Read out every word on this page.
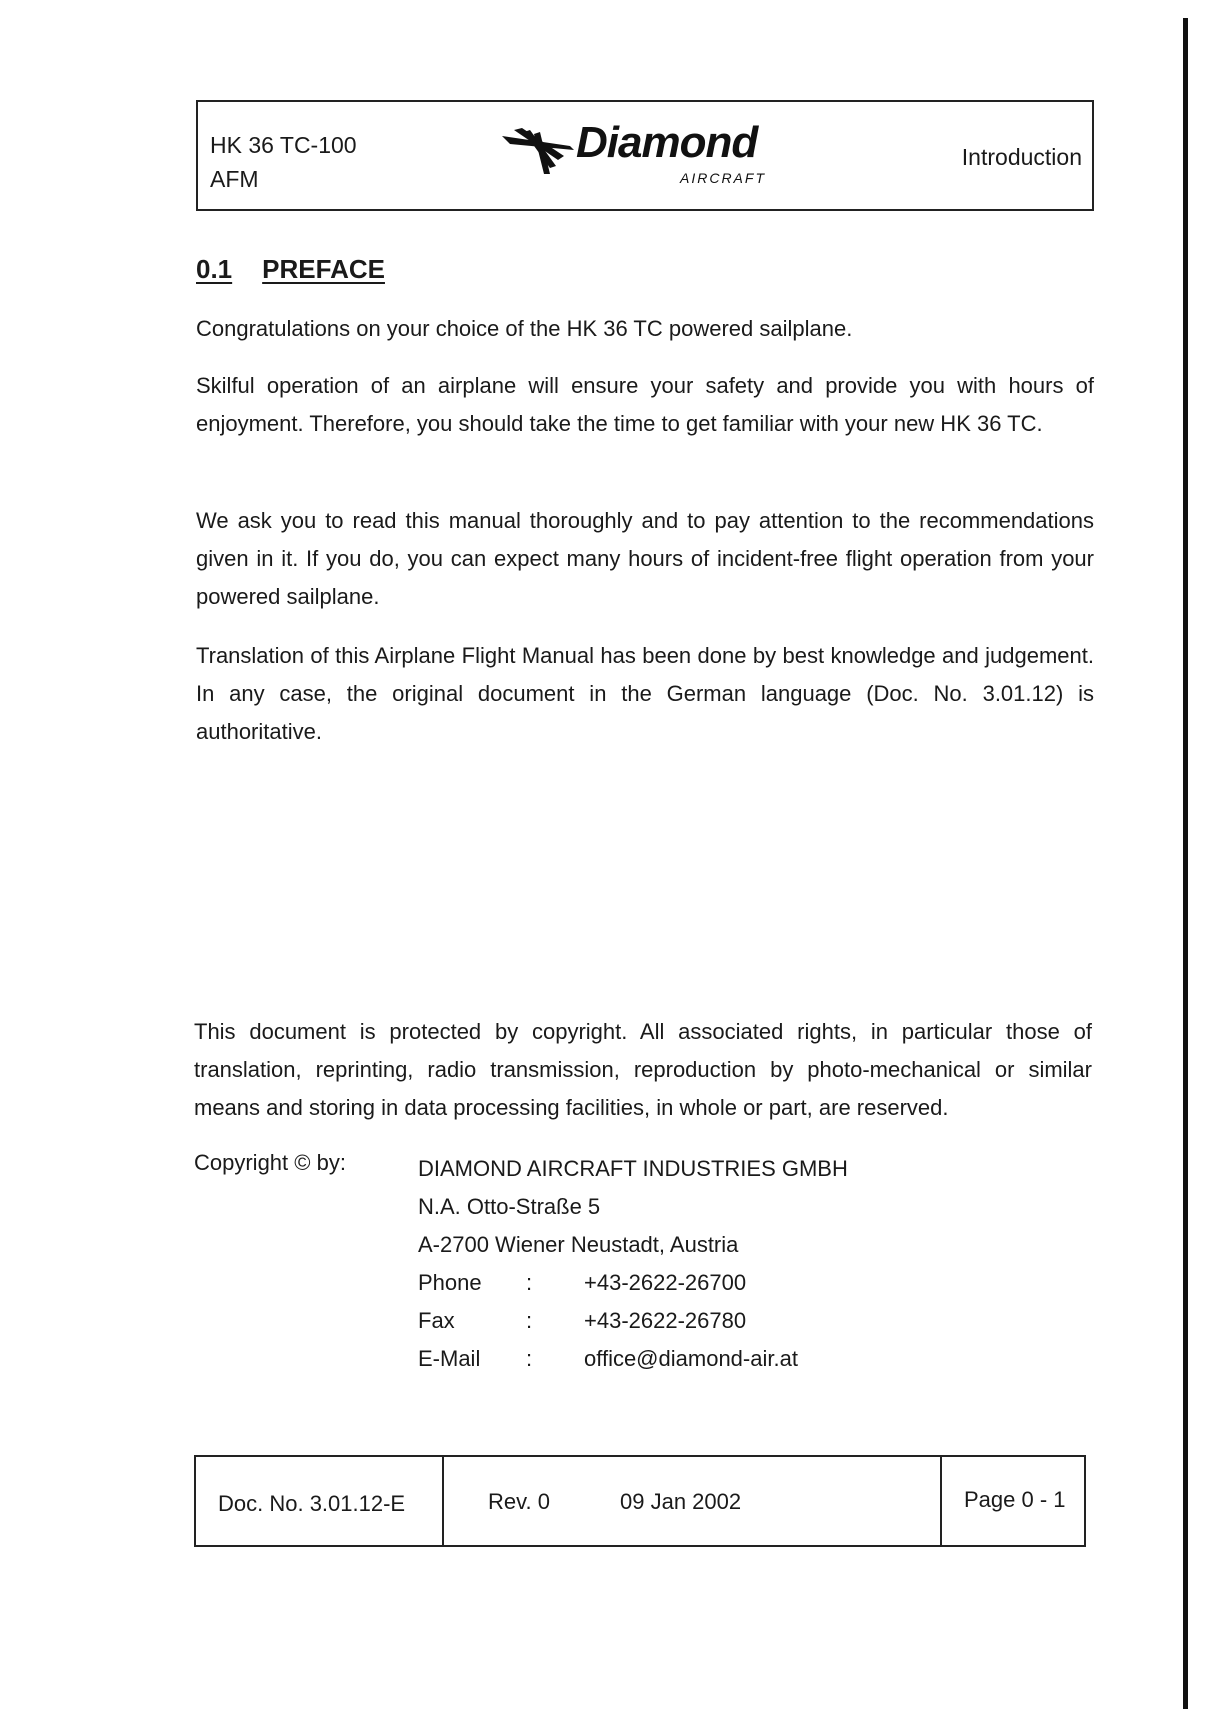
HK 36 TC-100
AFM
Diamond
AIRCRAFT
Introduction
0.1 PREFACE

Congratulations on your choice of the HK 36 TC powered sailplane.

Skilful operation of an airplane will ensure your safety and provide you with hours of enjoyment. Therefore, you should take the time to get familiar with your new HK 36 TC.

We ask you to read this manual thoroughly and to pay attention to the recommendations given in it. If you do, you can expect many hours of incident-free flight operation from your powered sailplane.

Translation of this Airplane Flight Manual has been done by best knowledge and judgement. In any case, the original document in the German language (Doc. No. 3.01.12) is authoritative.

This document is protected by copyright. All associated rights, in particular those of translation, reprinting, radio transmission, reproduction by photo-mechanical or similar means and storing in data processing facilities, in whole or part, are reserved.

Copyright © by:	DIAMOND AIRCRAFT INDUSTRIES GMBH
N.A. Otto-Straße 5
A-2700 Wiener Neustadt, Austria
Phone : +43-2622-26700
Fax	: +43-2622-26780
E-Mail : office@diamond-air.at
Doc. No. 3.01.12-E	Rev. 0	09 Jan 2002	Page 0 - 1
